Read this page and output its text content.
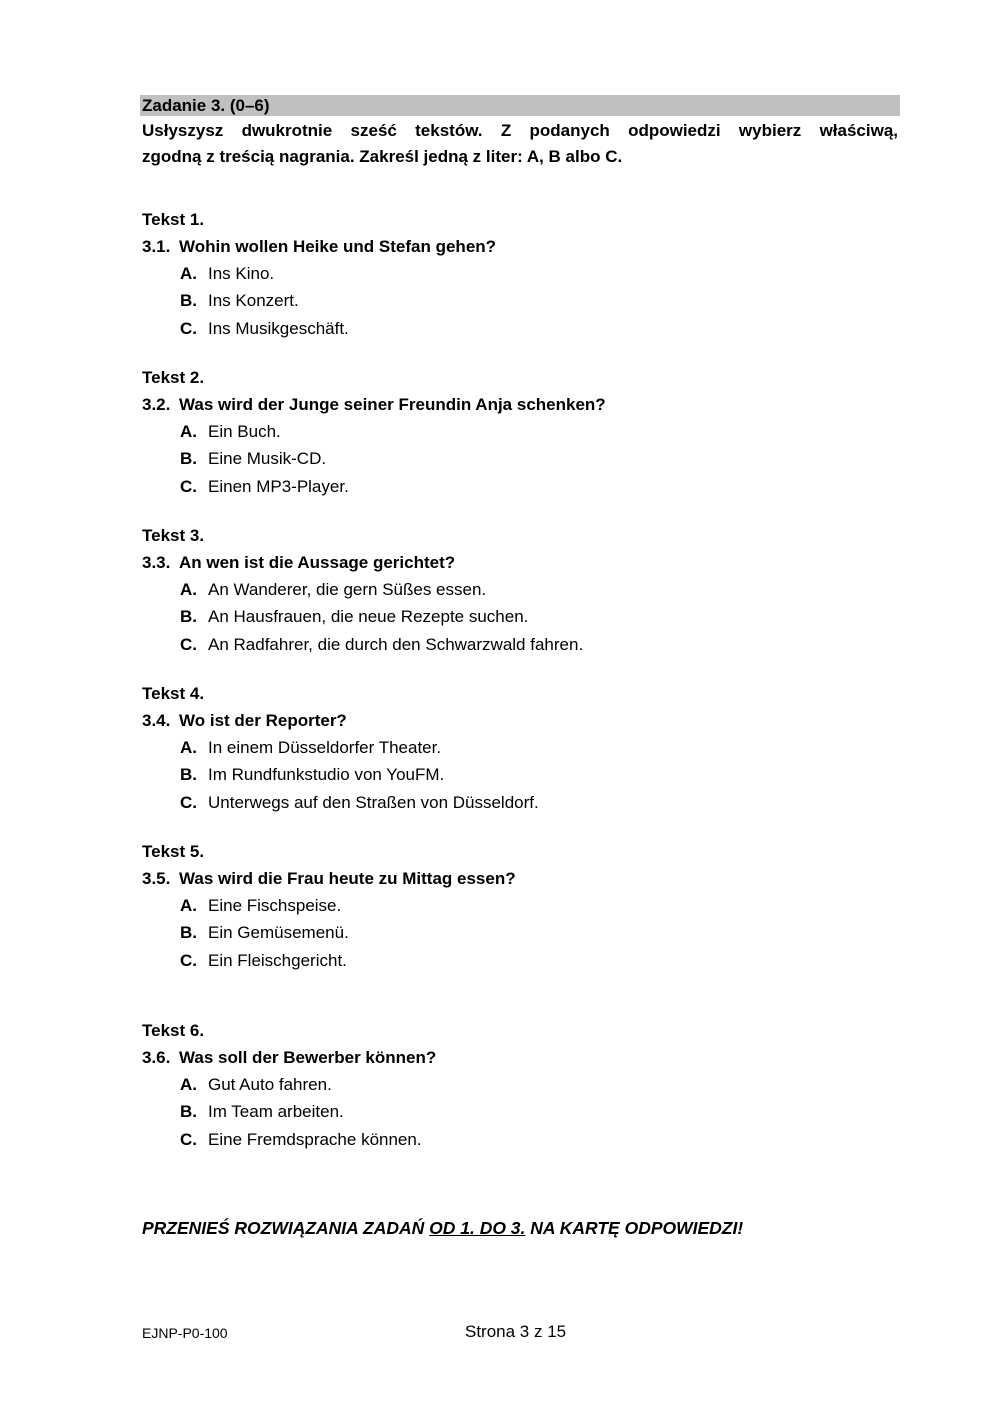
Zadanie 3. (0–6)
Usłyszysz dwukrotnie sześć tekstów. Z podanych odpowiedzi wybierz właściwą,
zgodną z treścią nagrania. Zakreśl jedną z liter: A, B albo C.
Tekst 1.
3.1. Wohin wollen Heike und Stefan gehen?
A. Ins Kino.
B. Ins Konzert.
C. Ins Musikgeschäft.
Tekst 2.
3.2. Was wird der Junge seiner Freundin Anja schenken?
A. Ein Buch.
B. Eine Musik-CD.
C. Einen MP3-Player.
Tekst 3.
3.3. An wen ist die Aussage gerichtet?
A. An Wanderer, die gern Süßes essen.
B. An Hausfrauen, die neue Rezepte suchen.
C. An Radfahrer, die durch den Schwarzwald fahren.
Tekst 4.
3.4. Wo ist der Reporter?
A. In einem Düsseldorfer Theater.
B. Im Rundfunkstudio von YouFM.
C. Unterwegs auf den Straßen von Düsseldorf.
Tekst 5.
3.5. Was wird die Frau heute zu Mittag essen?
A. Eine Fischspeise.
B. Ein Gemüsemenü.
C. Ein Fleischgericht.
Tekst 6.
3.6. Was soll der Bewerber können?
A. Gut Auto fahren.
B. Im Team arbeiten.
C. Eine Fremdsprache können.
PRZENIEŚ ROZWIĄZANIA ZADAŃ OD 1. DO 3. NA KARTĘ ODPOWIEDZI!
EJNP-P0-100	Strona 3 z 15
